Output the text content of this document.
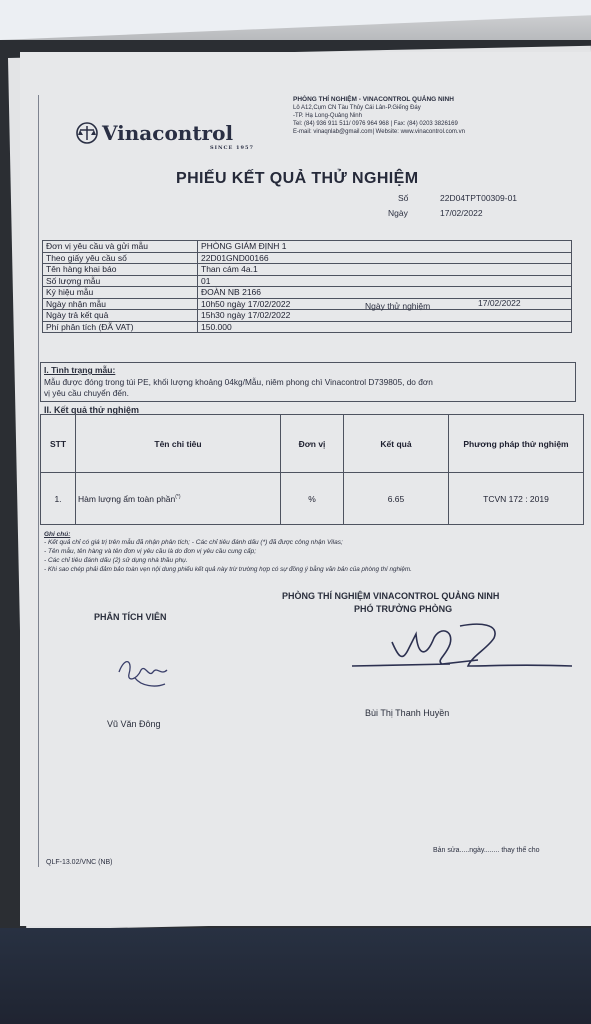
Vinacontrol
SINCE 1957
PHÒNG THÍ NGHIỆM - VINACONTROL QUẢNG NINH
Lô A12,Cụm CN Tàu Thủy Cái Lân-P.Giếng Đáy
-TP. Hạ Long-Quảng Ninh
Tel: (84) 936 911 511/ 0976 964 968 | Fax: (84) 0203 3826169
E-mail: vinaqnlab@gmail.com| Website: www.vinacontrol.com.vn
PHIẾU KẾT QUẢ THỬ NGHIỆM
Số	22D04TPT00309-01
Ngày	17/02/2022
Đơn vị yêu cầu và gửi mẫu	PHÒNG GIÁM ĐỊNH 1
Theo giấy yêu cầu số	22D01GND00166
Tên hàng khai báo	Than cám 4a.1
Số lượng mẫu	01
Ký hiệu mẫu	ĐOÀN NB 2166
Ngày nhận mẫu	10h50 ngày 17/02/2022
Ngày trả kết quả	15h30 ngày 17/02/2022
Phí phân tích (ĐÃ VAT)	150.000
Ngày thử nghiệm	17/02/2022
I. Tình trạng mẫu:
Mẫu được đóng trong túi PE, khối lượng khoảng 04kg/Mẫu, niêm phong chì Vinacontrol D739805, do đơn
vị yêu cầu chuyển đến.
II. Kết quả thử nghiệm
STT	Tên chỉ tiêu	Đơn vị	Kết quả	Phương pháp thử nghiệm
1.	Hàm lượng ẩm toàn phần(*)	%	6.65	TCVN 172 : 2019
Ghi chú:
- Kết quả chỉ có giá trị trên mẫu đã nhận phân tích; - Các chỉ tiêu đánh dấu (*) đã được công nhận Vilas;
- Tên mẫu, tên hàng và tên đơn vị yêu cầu là do đơn vị yêu cầu cung cấp;
- Các chỉ tiêu đánh dấu (2) sử dụng nhà thầu phụ.
- Khi sao chép phải đảm bảo toàn vẹn nội dung phiếu kết quả này trừ trường hợp có sự đồng ý bằng văn bản của phòng thí nghiệm.
PHÂN TÍCH VIÊN
PHÒNG THÍ NGHIỆM VINACONTROL QUẢNG NINH
PHÓ TRƯỞNG PHÒNG
Vũ Văn Đông
Bùi Thị Thanh Huyền
QLF-13.02/VNC (NB)
Bản sửa.....ngày........ thay thế cho
